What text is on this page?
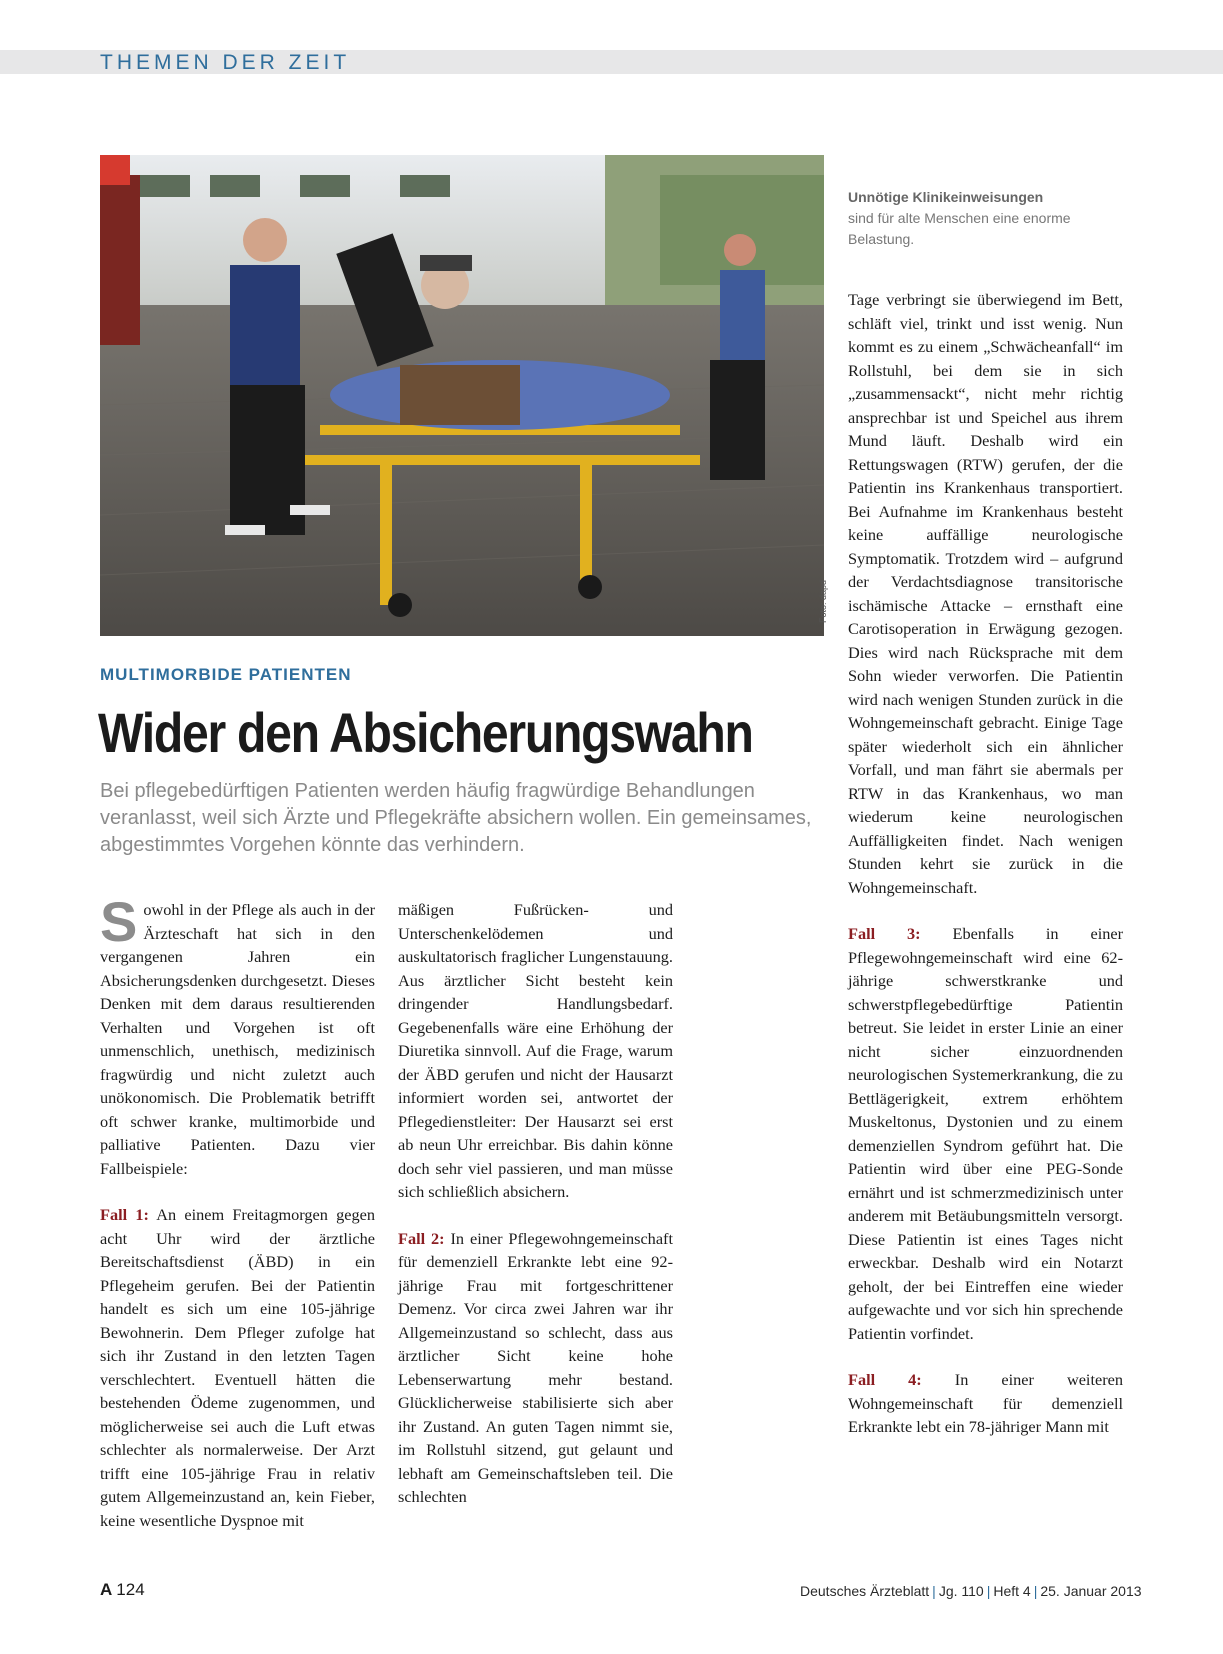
THEMEN DER ZEIT
Foto: dapd
Unnötige Klinikeinweisungen
sind für alte Menschen eine enorme Belastung.
MULTIMORBIDE PATIENTEN
Wider den Absicherungswahn
Bei pflegebedürftigen Patienten werden häufig fragwürdige Behandlungen veranlasst, weil sich Ärzte und Pflegekräfte absichern wollen. Ein gemeinsames, abgestimmtes Vorgehen könnte das verhindern.

S owohl in der Pflege als auch in der Ärzteschaft hat sich in den vergangenen Jahren ein Absicherungsdenken durchgesetzt. Dieses Denken mit dem daraus resultierenden Verhalten und Vorgehen ist oft unmenschlich, unethisch, medizinisch fragwürdig und nicht zuletzt auch unökonomisch. Die Problematik betrifft oft schwer kranke, multimorbide und palliative Patienten. Dazu vier Fallbeispiele:

Fall 1: An einem Freitagmorgen gegen acht Uhr wird der ärztliche Bereitschaftsdienst (ÄBD) in ein Pflegeheim gerufen. Bei der Patientin handelt es sich um eine 105-jährige Bewohnerin. Dem Pfleger zufolge hat sich ihr Zustand in den letzten Tagen verschlechtert. Eventuell hätten die bestehenden Ödeme zugenommen, und möglicherweise sei auch die Luft etwas schlechter als normalerweise. Der Arzt trifft eine 105-jährige Frau in relativ gutem Allgemeinzustand an, kein Fieber, keine wesentliche Dyspnoe mit

mäßigen Fußrücken- und Unterschenkelödemen und auskultatorisch fraglicher Lungenstauung. Aus ärztlicher Sicht besteht kein dringender Handlungsbedarf. Gegebenenfalls wäre eine Erhöhung der Diuretika sinnvoll. Auf die Frage, warum der ÄBD gerufen und nicht der Hausarzt informiert worden sei, antwortet der Pflegedienstleiter: Der Hausarzt sei erst ab neun Uhr erreichbar. Bis dahin könne doch sehr viel passieren, und man müsse sich schließlich absichern.

Fall 2: In einer Pflegewohngemeinschaft für demenziell Erkrankte lebt eine 92-jährige Frau mit fortgeschrittener Demenz. Vor circa zwei Jahren war ihr Allgemeinzustand so schlecht, dass aus ärztlicher Sicht keine hohe Lebenserwartung mehr bestand. Glücklicherweise stabilisierte sich aber ihr Zustand. An guten Tagen nimmt sie, im Rollstuhl sitzend, gut gelaunt und lebhaft am Gemeinschaftsleben teil. Die schlechten

Tage verbringt sie überwiegend im Bett, schläft viel, trinkt und isst wenig. Nun kommt es zu einem „Schwächeanfall“ im Rollstuhl, bei dem sie in sich „zusammensackt“, nicht mehr richtig ansprechbar ist und Speichel aus ihrem Mund läuft. Deshalb wird ein Rettungswagen (RTW) gerufen, der die Patientin ins Krankenhaus transportiert. Bei Aufnahme im Krankenhaus besteht keine auffällige neurologische Symptomatik. Trotzdem wird – aufgrund der Verdachtsdiagnose transitorische ischämische Attacke – ernsthaft eine Carotisoperation in Erwägung gezogen. Dies wird nach Rücksprache mit dem Sohn wieder verworfen. Die Patientin wird nach wenigen Stunden zurück in die Wohngemeinschaft gebracht. Einige Tage später wiederholt sich ein ähnlicher Vorfall, und man fährt sie abermals per RTW in das Krankenhaus, wo man wiederum keine neurologischen Auffälligkeiten findet. Nach wenigen Stunden kehrt sie zurück in die Wohngemeinschaft.

Fall 3: Ebenfalls in einer Pflegewohngemeinschaft wird eine 62-jährige schwerstkranke und schwerstpflegebedürftige Patientin betreut. Sie leidet in erster Linie an einer nicht sicher einzuordnenden neurologischen Systemerkrankung, die zu Bettlägerigkeit, extrem erhöhtem Muskeltonus, Dystonien und zu einem demenziellen Syndrom geführt hat. Die Patientin wird über eine PEG-Sonde ernährt und ist schmerzmedizinisch unter anderem mit Betäubungsmitteln versorgt. Diese Patientin ist eines Tages nicht erweckbar. Deshalb wird ein Notarzt geholt, der bei Eintreffen eine wieder aufgewachte und vor sich hin sprechende Patientin vorfindet.

Fall 4: In einer weiteren Wohngemeinschaft für demenziell Erkrankte lebt ein 78-jähriger Mann mit

A 124	Deutsches Ärzteblatt | Jg. 110 | Heft 4 | 25. Januar 2013
